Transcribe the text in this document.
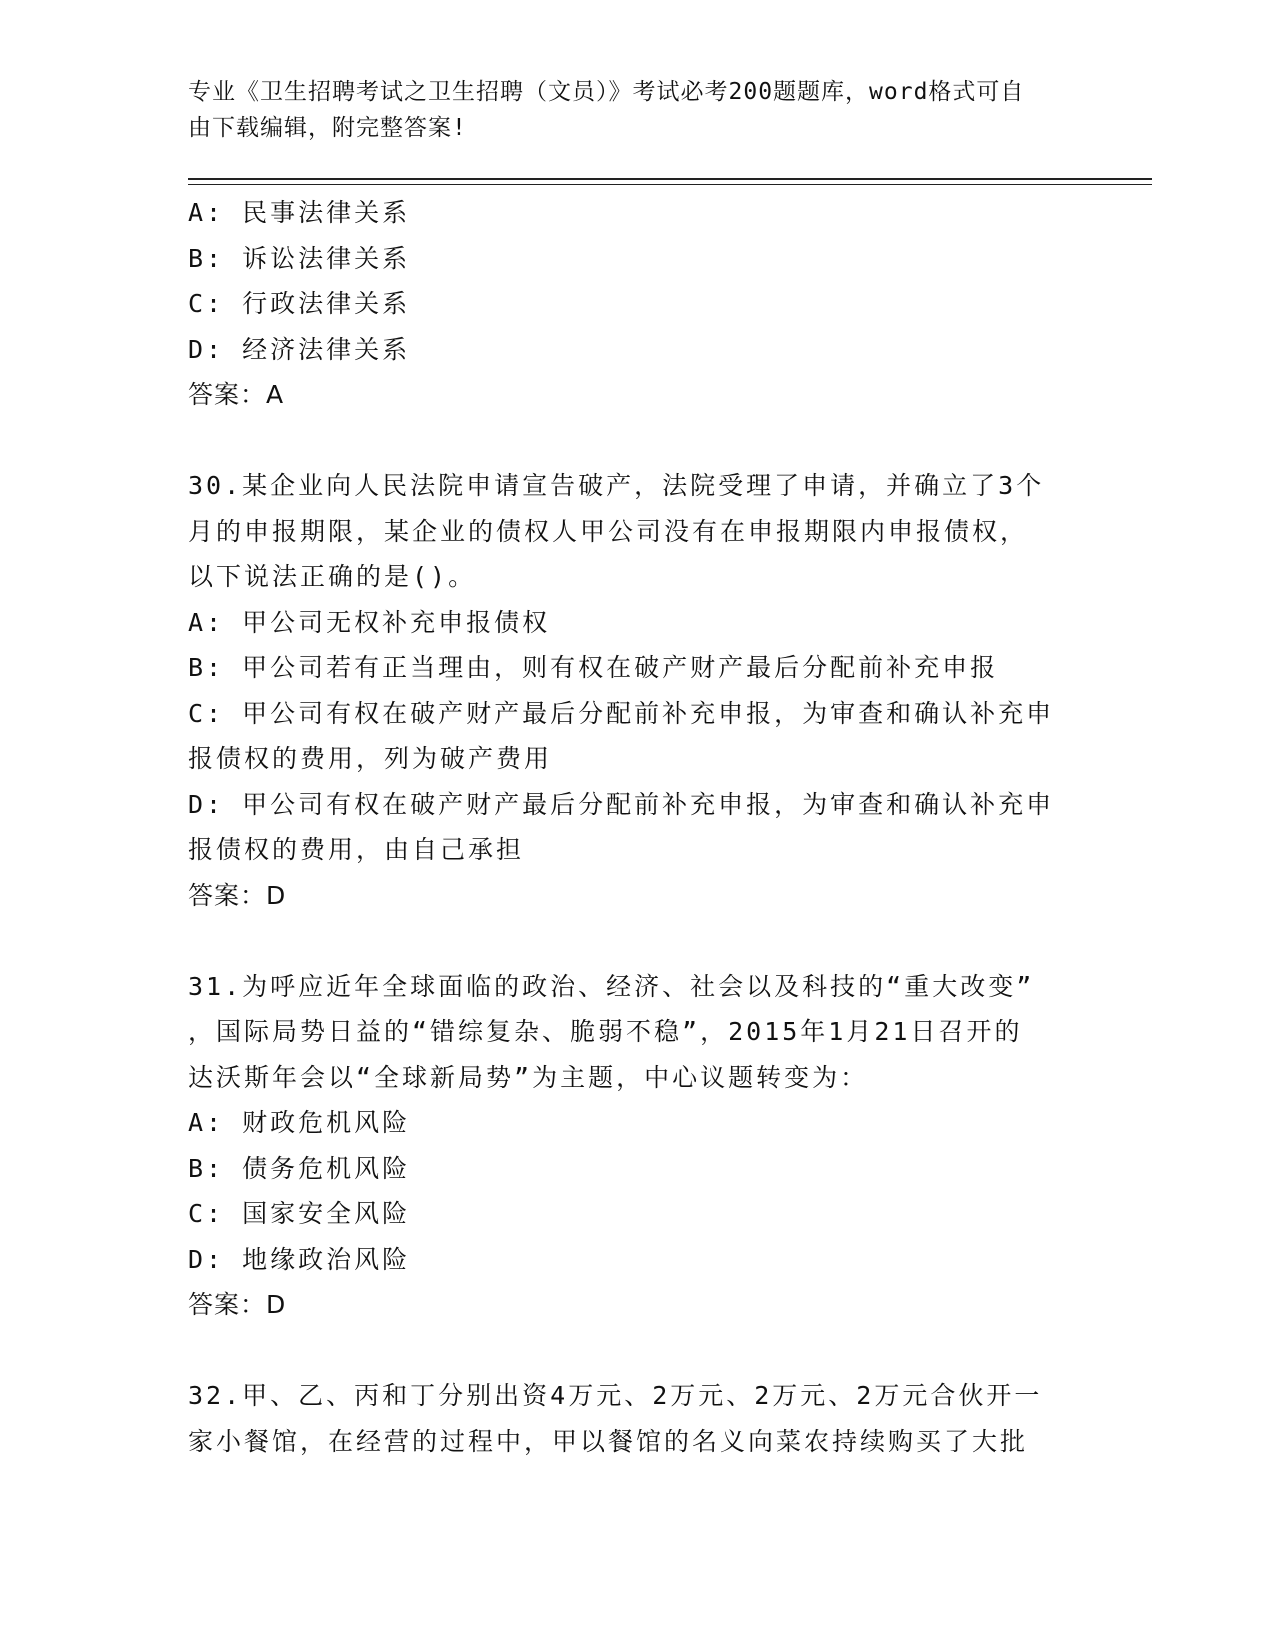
专业《卫生招聘考试之卫生招聘（文员）》考试必考200题题库，word格式可自
由下载编辑，附完整答案!
A: 民事法律关系
B: 诉讼法律关系
C: 行政法律关系
D: 经济法律关系
答案：A
30.某企业向人民法院申请宣告破产，法院受理了申请，并确立了3个
月的申报期限，某企业的债权人甲公司没有在申报期限内申报债权，
以下说法正确的是()。
A: 甲公司无权补充申报债权
B: 甲公司若有正当理由，则有权在破产财产最后分配前补充申报
C: 甲公司有权在破产财产最后分配前补充申报，为审查和确认补充申
报债权的费用，列为破产费用
D: 甲公司有权在破产财产最后分配前补充申报，为审查和确认补充申
报债权的费用，由自己承担
答案：D
31.为呼应近年全球面临的政治、经济、社会以及科技的“重大改变”
，国际局势日益的“错综复杂、脆弱不稳”，2015年1月21日召开的
达沃斯年会以“全球新局势”为主题，中心议题转变为：
A: 财政危机风险
B: 债务危机风险
C: 国家安全风险
D: 地缘政治风险
答案：D
32.甲、乙、丙和丁分别出资4万元、2万元、2万元、2万元合伙开一
家小餐馆，在经营的过程中，甲以餐馆的名义向菜农持续购买了大批
